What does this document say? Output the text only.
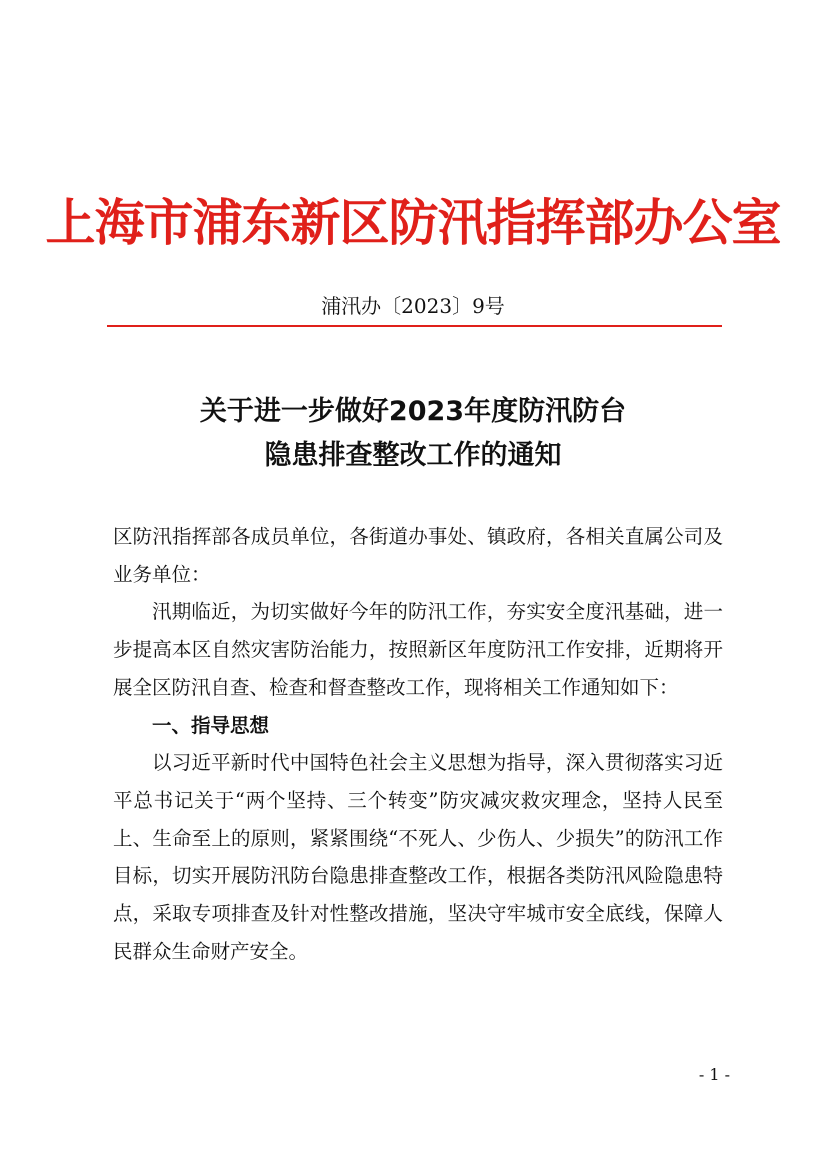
上海市浦东新区防汛指挥部办公室
浦汛办〔2023〕9号
关于进一步做好2023年度防汛防台
隐患排查整改工作的通知

区防汛指挥部各成员单位，各街道办事处、镇政府，各相关直属公司及业务单位：

汛期临近，为切实做好今年的防汛工作，夯实安全度汛基础，进一步提高本区自然灾害防治能力，按照新区年度防汛工作安排，近期将开展全区防汛自查、检查和督查整改工作，现将相关工作通知如下：

一、指导思想

以习近平新时代中国特色社会主义思想为指导，深入贯彻落实习近平总书记关于“两个坚持、三个转变”防灾减灾救灾理念，坚持人民至上、生命至上的原则，紧紧围绕“不死人、少伤人、少损失”的防汛工作目标，切实开展防汛防台隐患排查整改工作，根据各类防汛风险隐患特点，采取专项排查及针对性整改措施，坚决守牢城市安全底线，保障人民群众生命财产安全。

- 1 -
